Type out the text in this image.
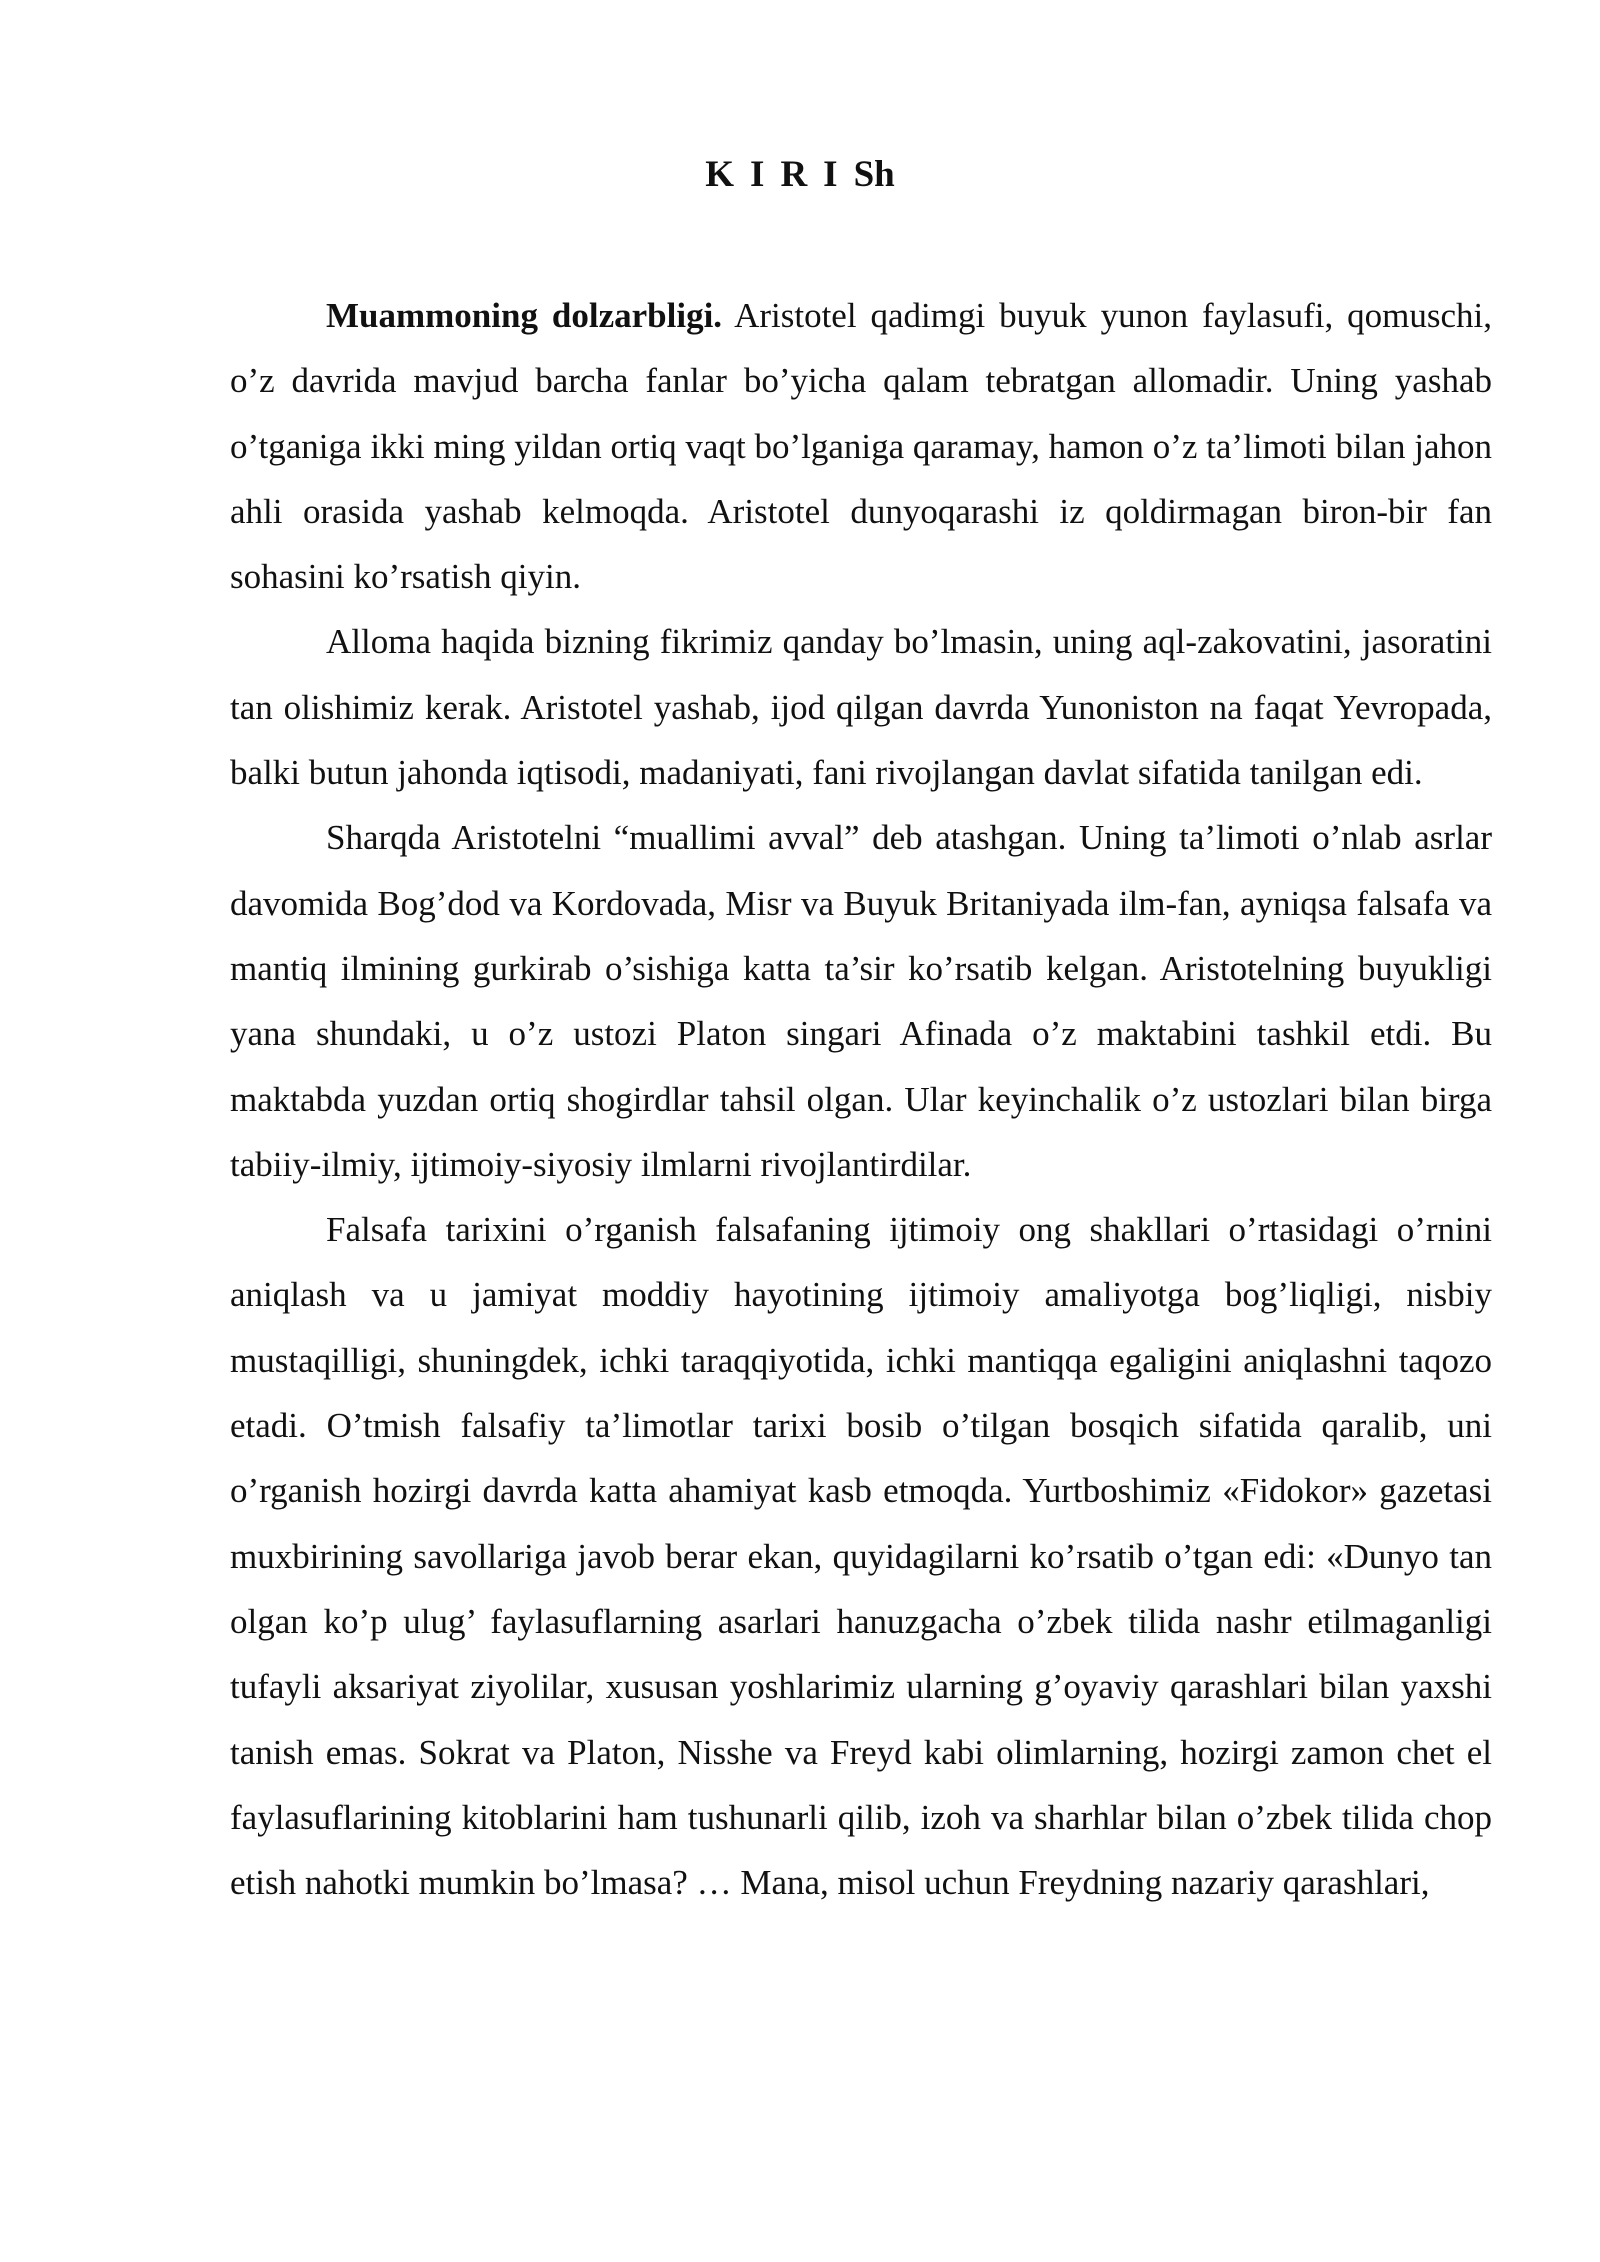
K I R I Sh

Muammoning dolzarbligi. Aristotel qadimgi buyuk yunon faylasufi, qomuschi, o’z davrida mavjud barcha fanlar bo’yicha qalam tebratgan allomadir. Uning yashab o’tganiga ikki ming yildan ortiq vaqt bo’lganiga qaramay, hamon o’z ta’limoti bilan jahon ahli orasida yashab kelmoqda. Aristotel dunyoqarashi iz qoldirmagan biron-bir fan sohasini ko’rsatish qiyin.

Alloma haqida bizning fikrimiz qanday bo’lmasin, uning aql-zakovatini, jasoratini tan olishimiz kerak. Aristotel yashab, ijod qilgan davrda Yunoniston na faqat Yevropada, balki butun jahonda iqtisodi, madaniyati, fani rivojlangan davlat sifatida tanilgan edi.

Sharqda Aristotelni “muallimi avval” deb atashgan. Uning ta’limoti o’nlab asrlar davomida Bog’dod va Kordovada, Misr va Buyuk Britaniyada ilm-fan, ayniqsa falsafa va mantiq ilmining gurkirab o’sishiga katta ta’sir ko’rsatib kelgan. Aristotelning buyukligi yana shundaki, u o’z ustozi Platon singari Afinada o’z maktabini tashkil etdi. Bu maktabda yuzdan ortiq shogirdlar tahsil olgan. Ular keyinchalik o’z ustozlari bilan birga tabiiy-ilmiy, ijtimoiy-siyosiy ilmlarni rivojlantirdilar.

Falsafa tarixini o’rganish falsafaning ijtimoiy ong shakllari o’rtasidagi o’rnini aniqlash va u jamiyat moddiy hayotining ijtimoiy amaliyotga bog’liqligi, nisbiy mustaqilligi, shuningdek, ichki taraqqiyotida, ichki mantiqqa egaligini aniqlashni taqozo etadi. O’tmish falsafiy ta’limotlar tarixi bosib o’tilgan bosqich sifatida qaralib, uni o’rganish hozirgi davrda katta ahamiyat kasb etmoqda. Yurtboshimiz «Fidokor» gazetasi muxbirining savollariga javob berar ekan, quyidagilarni ko’rsatib o’tgan edi: «Dunyo tan olgan ko’p ulug’ faylasuflarning asarlari hanuzgacha o’zbek tilida nashr etilmaganligi tufayli aksariyat ziyolilar, xususan yoshlarimiz ularning g’oyaviy qarashlari bilan yaxshi tanish emas. Sokrat va Platon, Nisshe va Freyd kabi olimlarning, hozirgi zamon chet el faylasuflarining kitoblarini ham tushunarli qilib, izoh va sharhlar bilan o’zbek tilida chop etish nahotki mumkin bo’lmasa? … Mana, misol uchun Freydning nazariy qarashlari,
